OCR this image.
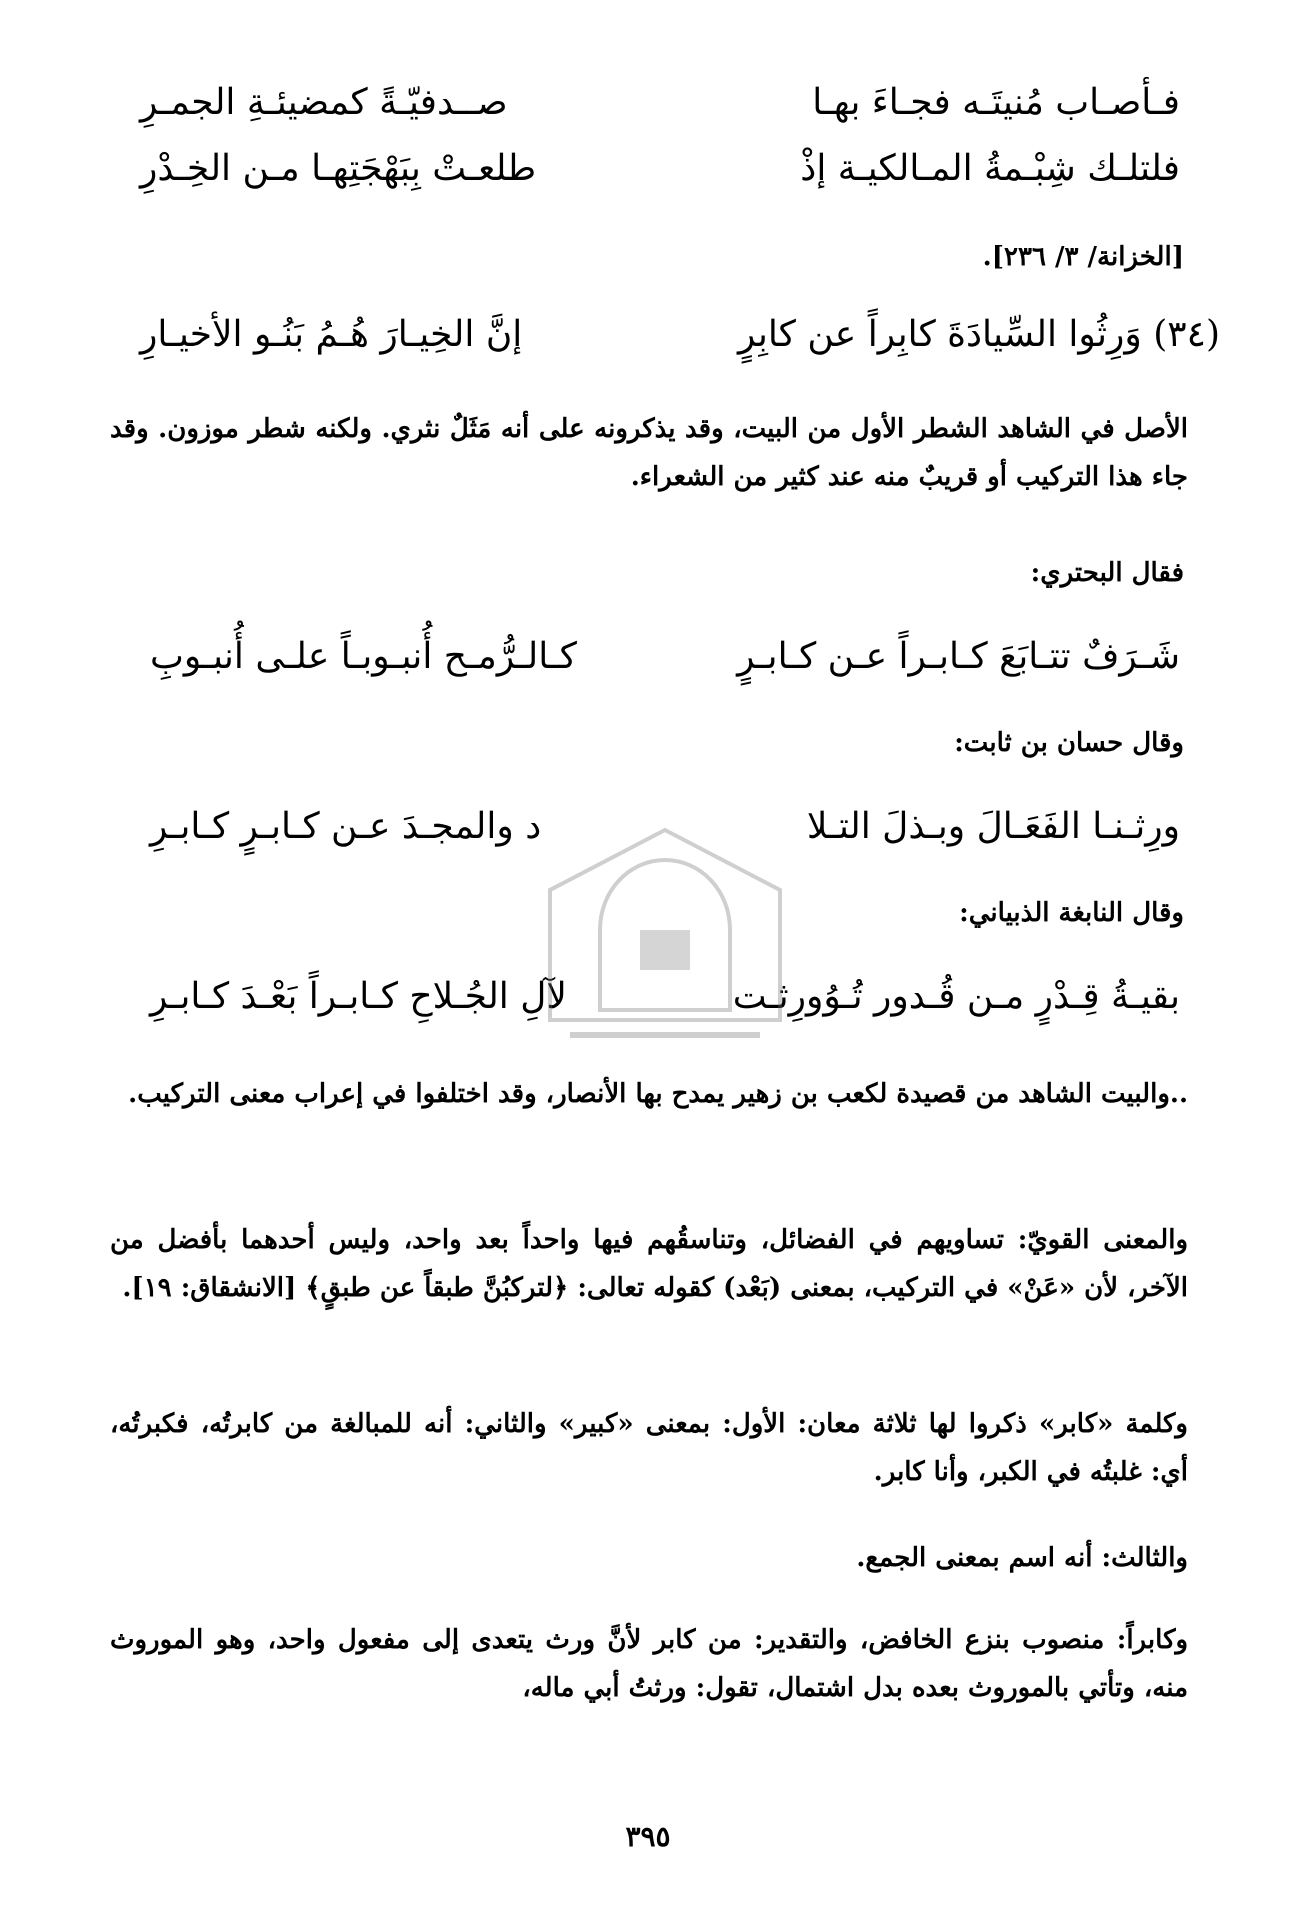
فـأصـاب مُنيتَـه فجـاءَ بهـا
صــدفيّـةً كمضيئـةِ الجمـرِ
فلتلـك شِبْـمةُ المـالكيـة إذْ
طلعـتْ بِبَهْجَتِهـا مـن الخِـدْرِ
[الخزانة/ ٣/ ٢٣٦].
(٣٤) وَرِثُوا السِّيادَةَ كابِراً عن كابِرٍ
إنَّ الخِيـارَ هُـمُ بَنُـو الأخيـارِ
الأصل في الشاهد الشطر الأول من البيت، وقد يذكرونه على أنه مَثَلٌ نثري. ولكنه شطر موزون. وقد جاء هذا التركيب أو قريبٌ منه عند كثير من الشعراء.
فقال البحتري:
شَـرَفٌ تتـابَعَ كـابـراً عـن كـابـرٍ
كـالـرُّمـح أُنبـوبـاً علـى أُنبـوبِ
وقال حسان بن ثابت:
ورِثـنـا الفَعَـالَ وبـذلَ التـلا
د والمجـدَ عـن كـابـرٍ كـابـرِ
وقال النابغة الذبياني:
بقيـةُ قِـدْرٍ مـن قُـدور تُـوُورِثـت
لآلِ الجُـلاحِ كـابـراً بَعْـدَ كـابـرِ
..والبيت الشاهد من قصيدة لكعب بن زهير يمدح بها الأنصار، وقد اختلفوا في إعراب معنى التركيب.
والمعنى القويّ: تساويهم في الفضائل، وتناسقُهم فيها واحداً بعد واحد، وليس أحدهما بأفضل من الآخر، لأن «عَنْ» في التركيب، بمعنى (بَعْد) كقوله تعالى: ﴿لتركبُنَّ طبقاً عن طبقٍ﴾ [الانشقاق: ١٩].
وكلمة «كابر» ذكروا لها ثلاثة معان: الأول: بمعنى «كبير» والثاني: أنه للمبالغة من كابرتُه، فكبرتُه، أي: غلبتُه في الكبر، وأنا كابر.
والثالث: أنه اسم بمعنى الجمع.
وكابراً: منصوب بنزع الخافض، والتقدير: من كابر لأنَّ ورث يتعدى إلى مفعول واحد، وهو الموروث منه، وتأتي بالموروث بعده بدل اشتمال، تقول: ورثتُ أبي ماله،
٣٩٥
